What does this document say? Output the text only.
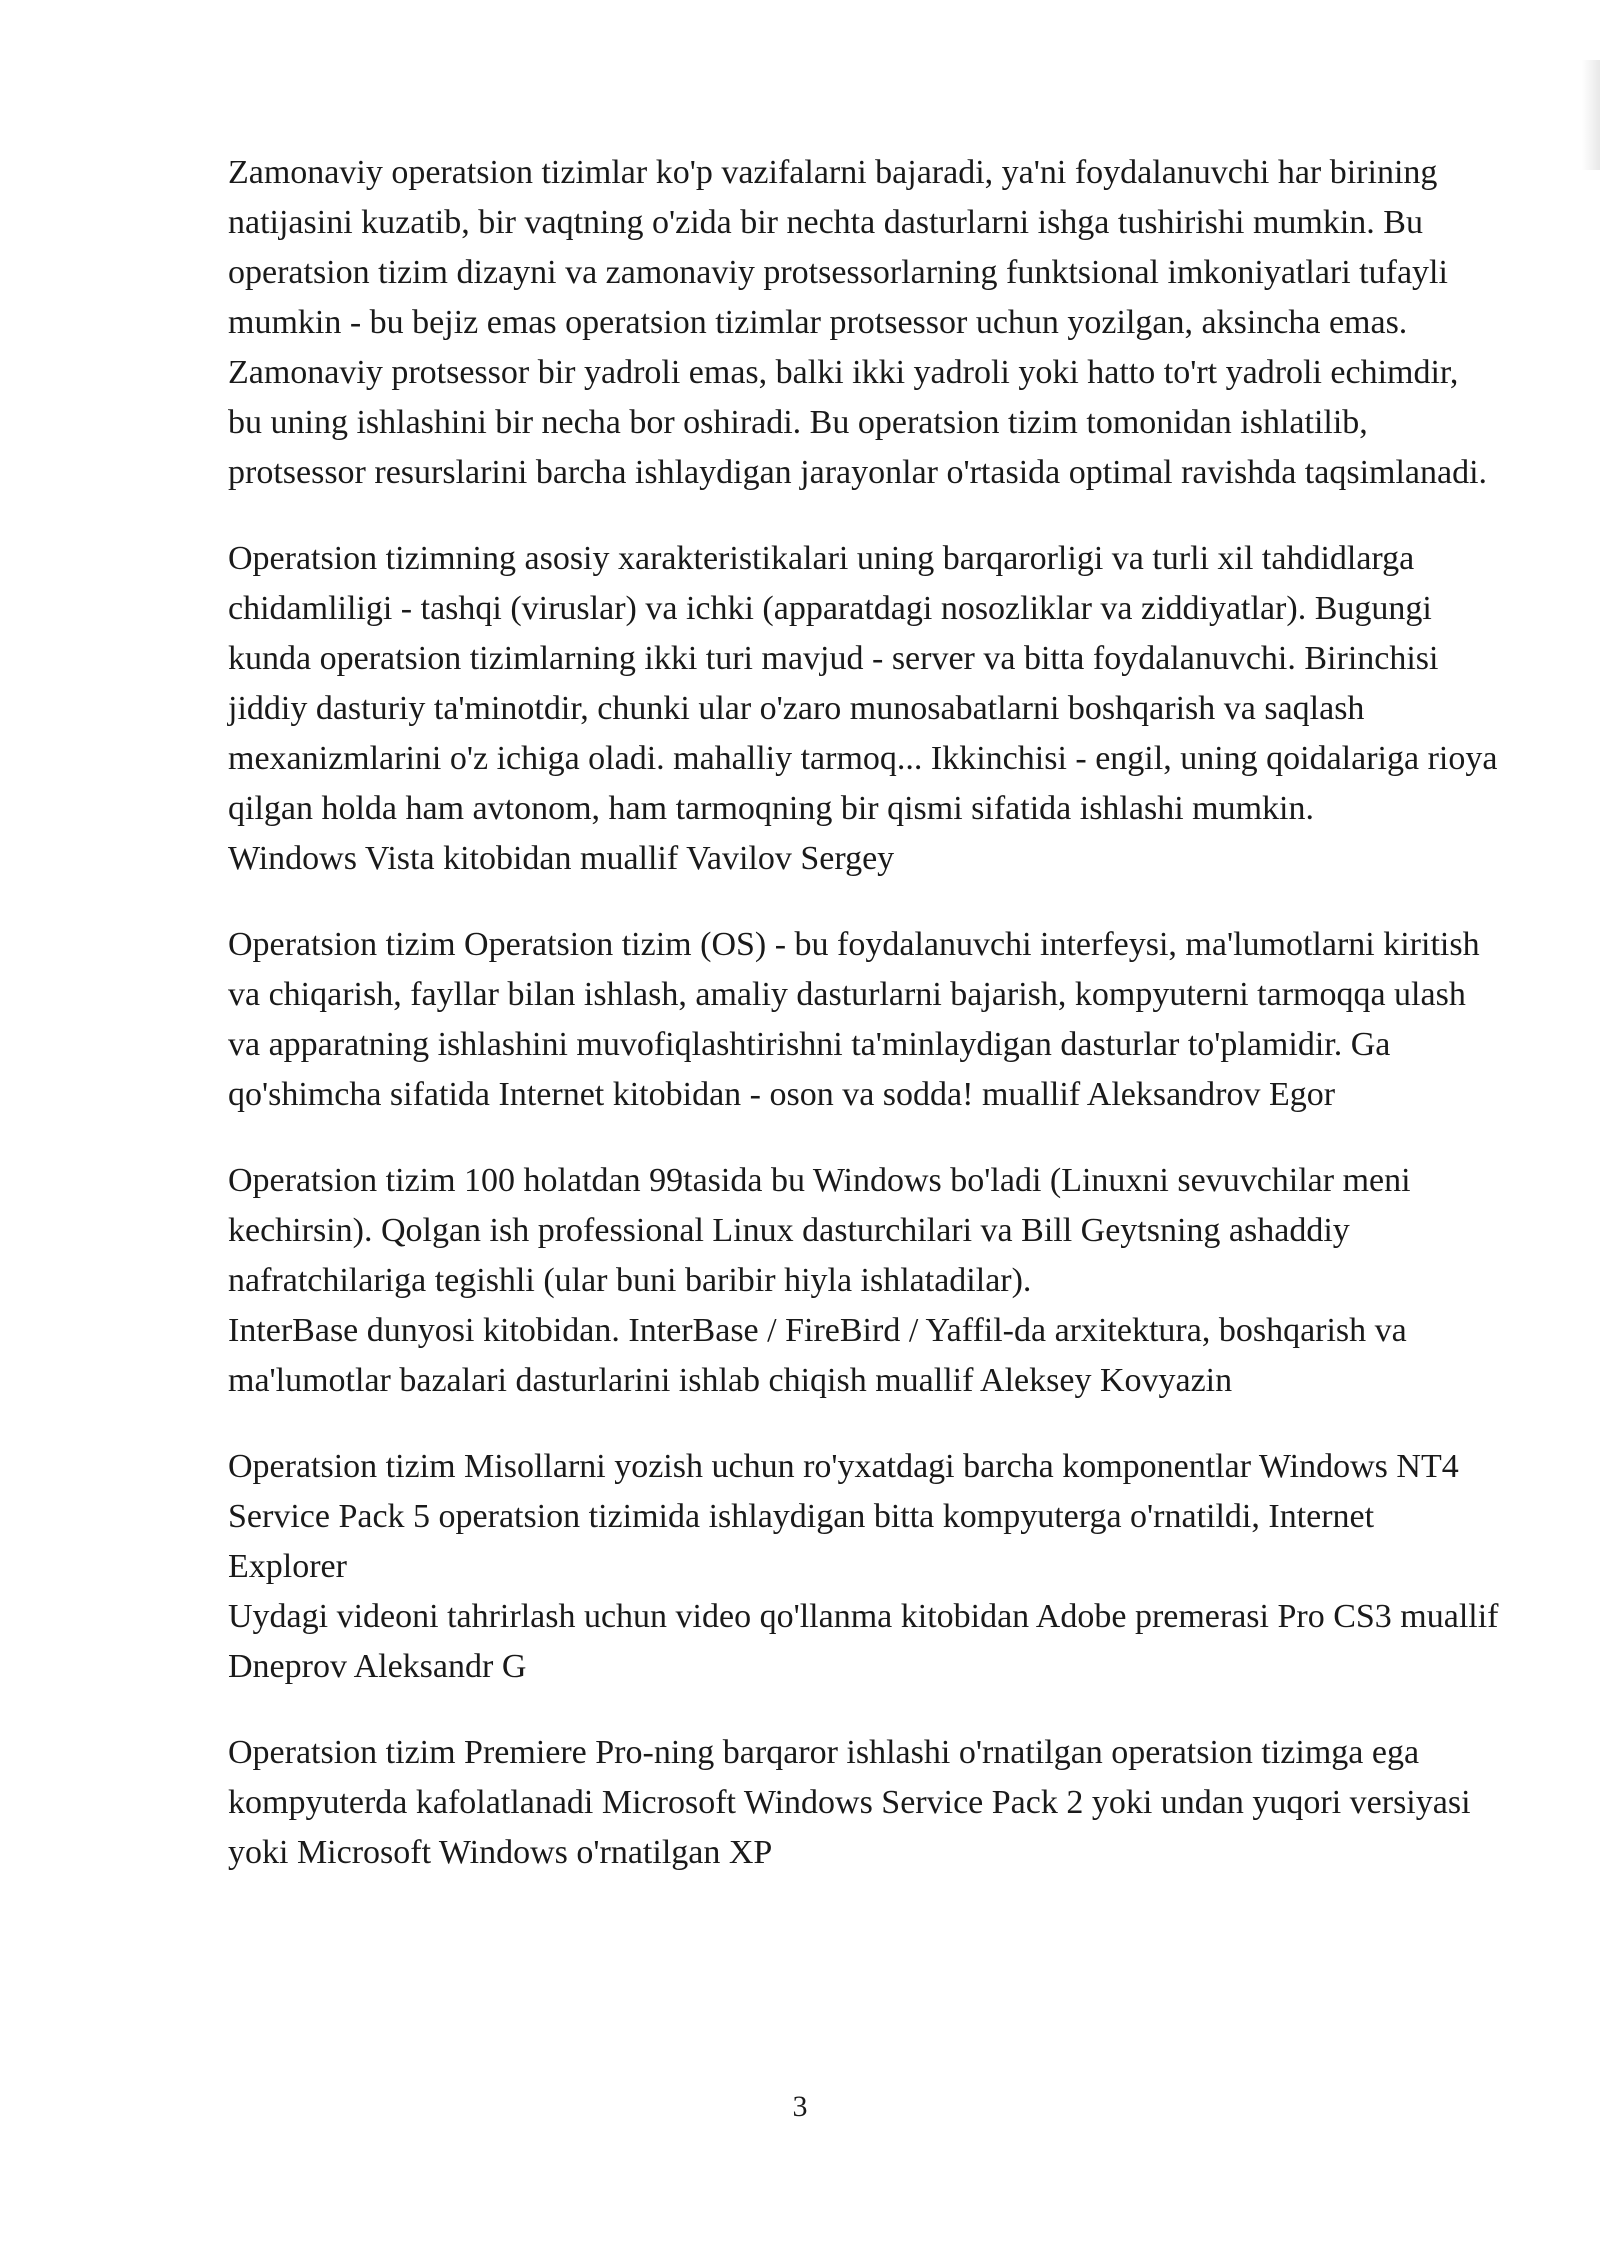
Zamonaviy operatsion tizimlar ko'p vazifalarni bajaradi, ya'ni foydalanuvchi har birining natijasini kuzatib, bir vaqtning o'zida bir nechta dasturlarni ishga tushirishi mumkin. Bu operatsion tizim dizayni va zamonaviy protsessorlarning funktsional imkoniyatlari tufayli mumkin - bu bejiz emas operatsion tizimlar protsessor uchun yozilgan, aksincha emas. Zamonaviy protsessor bir yadroli emas, balki ikki yadroli yoki hatto to'rt yadroli echimdir, bu uning ishlashini bir necha bor oshiradi. Bu operatsion tizim tomonidan ishlatilib, protsessor resurslarini barcha ishlaydigan jarayonlar o'rtasida optimal ravishda taqsimlanadi.

Operatsion tizimning asosiy xarakteristikalari uning barqarorligi va turli xil tahdidlarga chidamliligi - tashqi (viruslar) va ichki (apparatdagi nosozliklar va ziddiyatlar). Bugungi kunda operatsion tizimlarning ikki turi mavjud - server va bitta foydalanuvchi. Birinchisi jiddiy dasturiy ta'minotdir, chunki ular o'zaro munosabatlarni boshqarish va saqlash mexanizmlarini o'z ichiga oladi. mahalliy tarmoq... Ikkinchisi - engil, uning qoidalariga rioya qilgan holda ham avtonom, ham tarmoqning bir qismi sifatida ishlashi mumkin.

Windows Vista kitobidan muallif Vavilov Sergey

Operatsion tizim Operatsion tizim (OS) - bu foydalanuvchi interfeysi, ma'lumotlarni kiritish va chiqarish, fayllar bilan ishlash, amaliy dasturlarni bajarish, kompyuterni tarmoqqa ulash va apparatning ishlashini muvofiqlashtirishni ta'minlaydigan dasturlar to'plamidir. Ga qo'shimcha sifatida Internet kitobidan - oson va sodda! muallif Aleksandrov Egor

Operatsion tizim 100 holatdan 99tasida bu Windows bo'ladi (Linuxni sevuvchilar meni kechirsin). Qolgan ish professional Linux dasturchilari va Bill Geytsning ashaddiy nafratchilariga tegishli (ular buni baribir hiyla ishlatadilar).

InterBase dunyosi kitobidan. InterBase / FireBird / Yaffil-da arxitektura, boshqarish va ma'lumotlar bazalari dasturlarini ishlab chiqish muallif Aleksey Kovyazin

Operatsion tizim Misollarni yozish uchun ro'yxatdagi barcha komponentlar Windows NT4 Service Pack 5 operatsion tizimida ishlaydigan bitta kompyuterga o'rnatildi, Internet Explorer

Uydagi videoni tahrirlash uchun video qo'llanma kitobidan Adobe premerasi Pro CS3 muallif Dneprov Aleksandr G

Operatsion tizim Premiere Pro-ning barqaror ishlashi o'rnatilgan operatsion tizimga ega kompyuterda kafolatlanadi Microsoft Windows Service Pack 2 yoki undan yuqori versiyasi yoki Microsoft Windows o'rnatilgan XP

3
